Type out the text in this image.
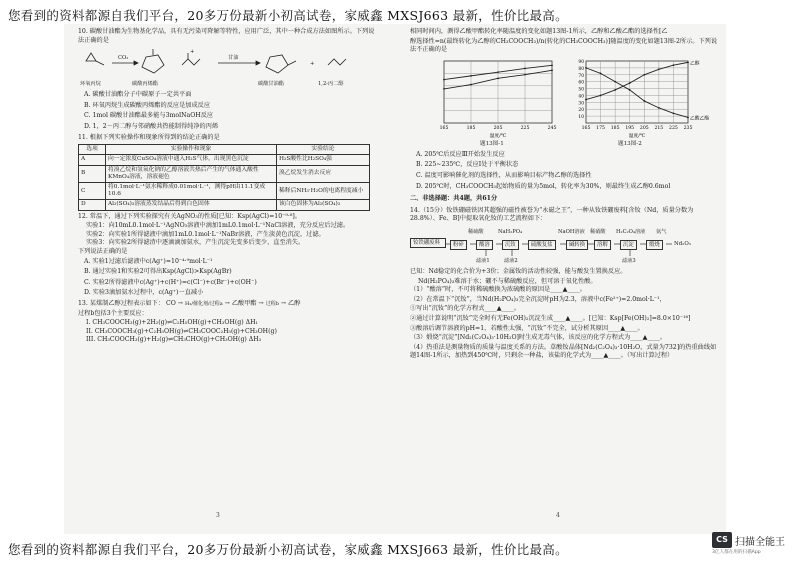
您看到的资料都源自我们平台，20多万份最新小初高试卷，家威鑫 MXSJ663 最新，性价比最高。
10. 碳酸甘油酯为生物基化学品，具有无污染可降解等特性，应用广泛，其中一种合成方法如图所示。下列说法正确的是
CO₂
+
甘油
+
环氧丙烷	碳酸丙烯酯	碳酸甘油酯	1,2-丙二醇
A. 碳酸甘油酯分子中碳原子一定共平面
B. 环氧丙烷生成碳酸丙烯酯的反应是加成反应
C. 1mol 碳酸甘油酯最多能与3molNaOH反应
D. 1，2－丙二醇与邻硝酸共热能制得纯净的丙烯
11. 根据下列实验操作和现象所得到的结论正确的是
选项	实验操作和现象	实验结论
A	向一定浓度CuSO₄溶液中通入H₂S气体，出现黑色沉淀	H₂S酸性比H₂SO₄强
B	将溴乙烷和氢氧化钠的乙醇溶液共热后产生的气体通入酸性KMnO₄溶液，溶液褪色	溴乙烷发生消去反应
C	将0.1mol·L⁻¹氨水稀释成0.01mol·L⁻¹，测得pH由11.1变成10.6	稀释后NH₃·H₂O的电离程度减小
D	Al₂(SO₄)₃溶液蒸发结晶后得到白色固体	该白色固体为Al₂(SO₄)₃
12. 常温下，通过下列实验探究有关AgNO₃的性质[已知：Ksp(AgCl)=10⁻⁹·⁸]。
实验1：向10mL0.1mol·L⁻¹AgNO₃溶液中滴加1mL0.1mol·L⁻¹NaCl溶液，充分反应后过滤。
实验2：向实验1所得滤液中滴加1mL0.1mol·L⁻¹NaBr溶液，产生淡黄色沉淀，过滤。
实验3：向实验2所得滤渣中逐滴滴加氨水，产生沉淀先变多后变少，直至消失。
下列说法正确的是
A. 实验1过滤后滤液中c(Ag⁺)=10⁻⁴·⁹mol·L⁻¹
B. 通过实验1和实验2可得出Ksp(AgCl)>Ksp(AgBr)
C. 实验2所得滤液中c(Ag⁺)+c(H⁺)=c(Cl⁻)+c(Br⁻)+c(OH⁻)
D. 实验3滴加氨水过程中，c(Ag⁺)一直减小
13. 某煤制乙醇过程表示如下： CO → H₂/催化剂/过程a → 乙酸甲酯 → 过程b → 乙醇
过程b包括3个主要反应：
I. CH₃COOCH₃(g)+2H₂(g)⇌C₂H₅OH(g)+CH₃OH(g) ΔH₁
II. CH₃COOCH₃(g)+C₂H₅OH(g)⇌CH₃COOC₂H₅(g)+CH₃OH(g)
III. CH₃COOCH₃(g)+H₂(g)⇌CH₃CHO(g)+CH₃OH(g) ΔH₃
3
相同时间内，测得乙酸甲酯转化率随温度的变化如题13图-1所示，乙醇和乙酸乙酯的选择性[乙
醇选择性=n(最终转化为乙醇的CH₃COOCH₃)/n(转化的CH₃COOCH₃)]随温度的变化如题13图-2所示。下列说法不正确的是
165	185	205	225	245
温度/℃
165 175 185 195 205 215 225 235
90
80
70
60
50
40
30
20
10
温度/℃
乙醇
乙酸乙酯
题13图-1	题13图-2
A. 205℃后反应Ⅲ开始发生反应
B. 225~235℃，反应Ⅰ处于平衡状态
C. 温度可影响催化剂的选择性，从而影响目标产物乙醇的选择性
D. 205℃时，CH₃COOCH₃起始物质的量为5mol，转化率为30%，则最终生成乙醇0.6mol
二、非选择题：共4题，共61分
14.（15分）钕铁硼磁铁因其超强的磁性被誉为“永磁之王”，一种从钕铁硼废料[含钕（Nd，质量分数为28.8%）、Fe、B]中提取氧化钕的工艺流程如下：
钕铁硼废料	粉碎	酸溶	沉钕	硫酸复盐	碱转换	溶解	沉淀	煅烧	Nd₂O₃
稀硫酸	NaH₂PO₄	NaOH溶液 稀硝酸 H₂C₂O₄溶液 氩气
滤液1	滤液2	滤液3
已知：Nd稳定的化合价为+3价；金属钕的活动性较强，能与酸发生置换反应。
Nd(H₂PO₄)₃难溶于水；硼不与稀硫酸反应，但可溶于氧化性酸。
（1）“酸溶”时，不可将稀硫酸换为浓硫酸的原因是____▲____。
（2）在常温下“沉钕”，当Nd(H₂PO₄)₃完全沉淀时pH为2.3，溶液中c(Fe²⁺)=2.0mol·L⁻¹，
①写出“沉钕”的化学方程式____▲____。
②通过计算说明“沉钕”完全时有无Fe(OH)₂沉淀生成____▲____。[已知：Ksp[Fe(OH)₂]=8.0×10⁻¹⁶]
③酸溶后调节溶液的pH=1，若酸性太强，“沉钕”不完全，试分析其原因____▲____。
（3）煅烧“沉淀”[Nd₂(C₂O₄)₃·10H₂O]时生成无毒气体，该反应的化学方程式为____▲____。
（4）热重法是测量物质的质量与温度关系的方法。草酸钕晶体[Nd₂(C₂O₄)₃·10H₂O，式量为732]的热重曲线如题14图-1所示，加热到450℃时，只剩余一种盐，该盐的化学式为____▲____。（写出计算过程）
4
您看到的资料都源自我们平台，20多万份最新小初高试卷，家威鑫 MXSJ663 最新，性价比最高。
CS 扫描全能王
3亿人都在用的扫描App
